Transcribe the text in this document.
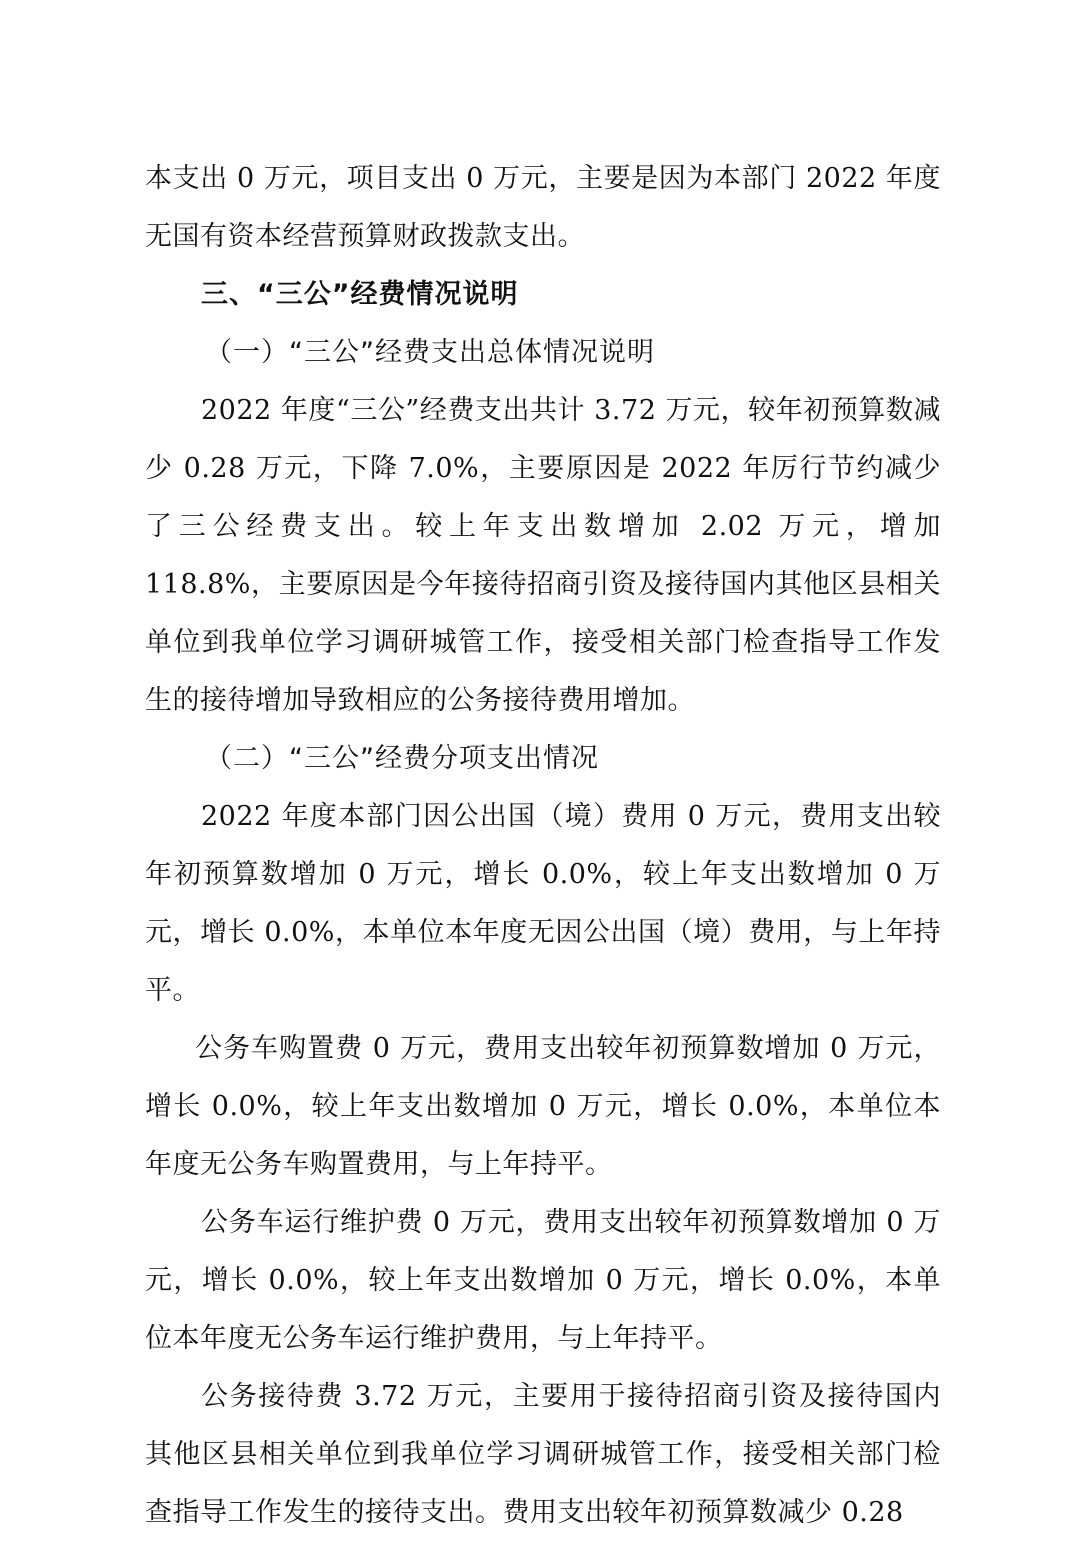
本支出 0 万元，项目支出 0 万元，主要是因为本部门 2022 年度无国有资本经营预算财政拨款支出。

三、“三公”经费情况说明

（一）“三公”经费支出总体情况说明

2022 年度“三公”经费支出共计 3.72 万元，较年初预算数减少 0.28 万元，下降 7.0%，主要原因是 2022 年厉行节约减少了三公经费支出。较上年支出数增加 2.02 万元，增加 118.8%，主要原因是今年接待招商引资及接待国内其他区县相关单位到我单位学习调研城管工作，接受相关部门检查指导工作发生的接待增加导致相应的公务接待费用增加。

（二）“三公”经费分项支出情况

2022 年度本部门因公出国（境）费用 0 万元，费用支出较年初预算数增加 0 万元，增长 0.0%，较上年支出数增加 0 万元，增长 0.0%，本单位本年度无因公出国（境）费用，与上年持平。

公务车购置费 0 万元，费用支出较年初预算数增加 0 万元，增长 0.0%，较上年支出数增加 0 万元，增长 0.0%，本单位本年度无公务车购置费用，与上年持平。

公务车运行维护费 0 万元，费用支出较年初预算数增加 0 万元，增长 0.0%，较上年支出数增加 0 万元，增长 0.0%，本单位本年度无公务车运行维护费用，与上年持平。

公务接待费 3.72 万元，主要用于接待招商引资及接待国内其他区县相关单位到我单位学习调研城管工作，接受相关部门检查指导工作发生的接待支出。费用支出较年初预算数减少 0.28
